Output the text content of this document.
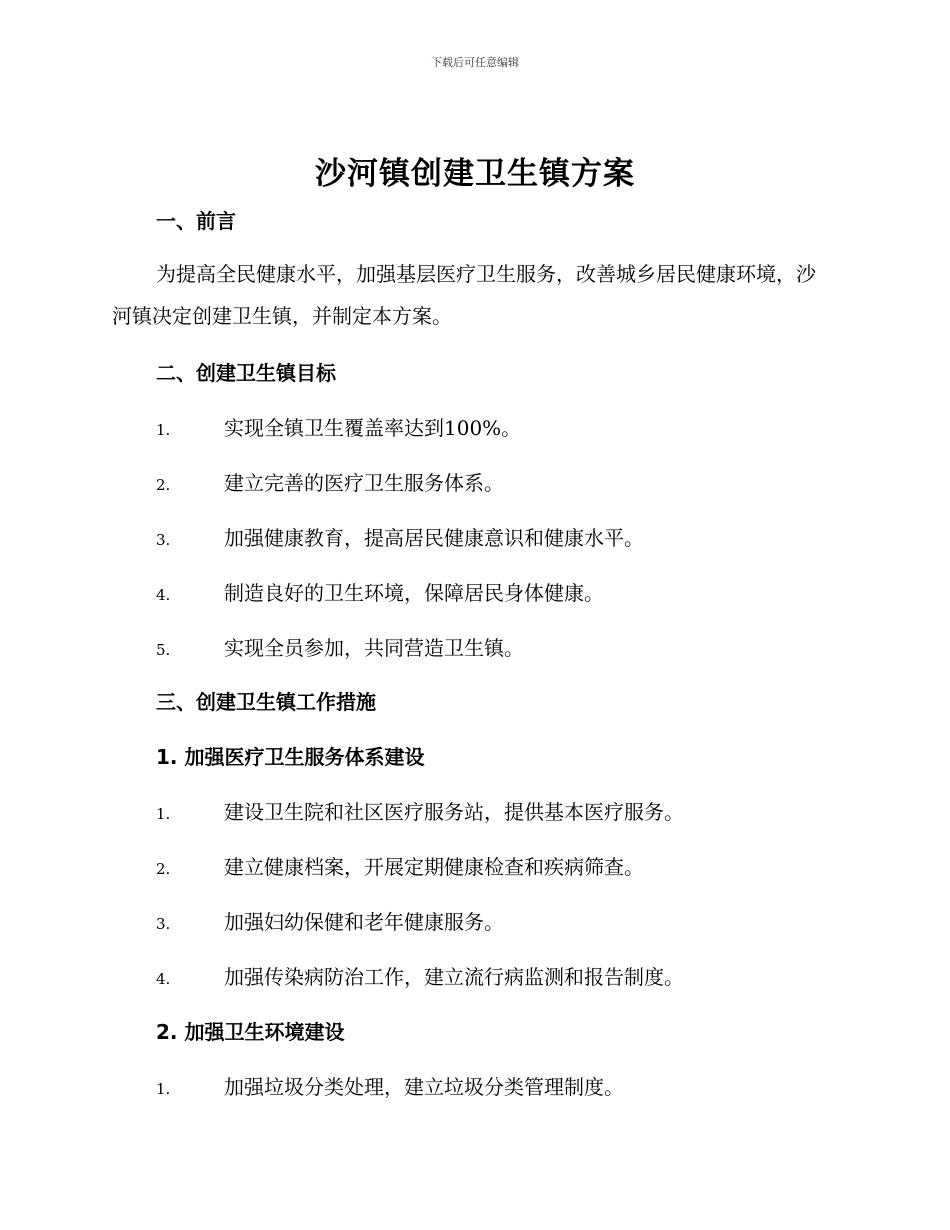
下载后可任意编辑
沙河镇创建卫生镇方案
一、前言
为提高全民健康水平，加强基层医疗卫生服务，改善城乡居民健康环境，沙河镇决定创建卫生镇，并制定本方案。
二、创建卫生镇目标
1.	实现全镇卫生覆盖率达到100%。
2.	建立完善的医疗卫生服务体系。
3.	加强健康教育，提高居民健康意识和健康水平。
4.	制造良好的卫生环境，保障居民身体健康。
5.	实现全员参加，共同营造卫生镇。
三、创建卫生镇工作措施
1. 加强医疗卫生服务体系建设
1.	建设卫生院和社区医疗服务站，提供基本医疗服务。
2.	建立健康档案，开展定期健康检查和疾病筛查。
3.	加强妇幼保健和老年健康服务。
4.	加强传染病防治工作，建立流行病监测和报告制度。
2. 加强卫生环境建设
1.	加强垃圾分类处理，建立垃圾分类管理制度。
